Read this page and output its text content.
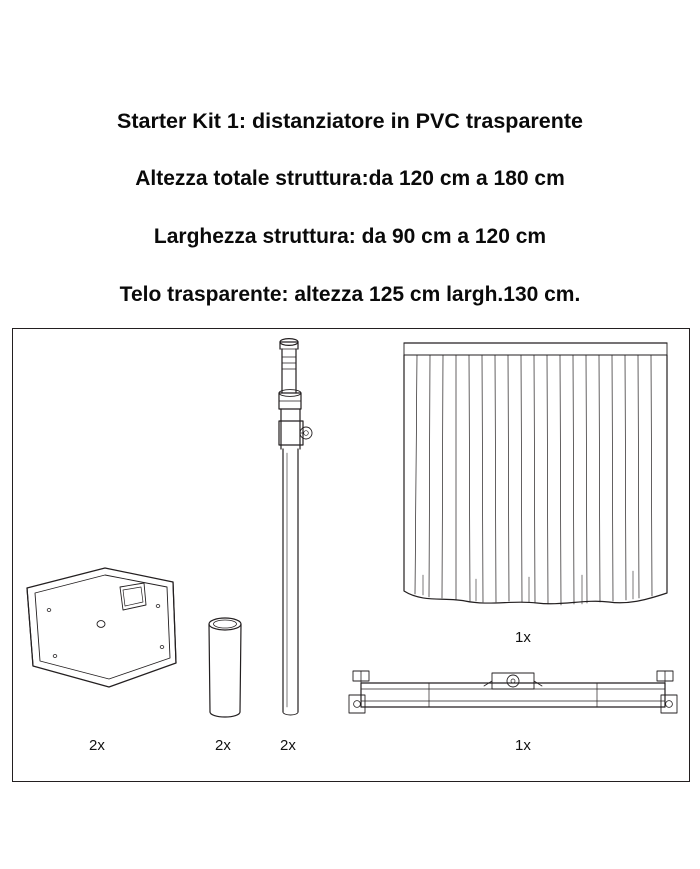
Starter Kit 1: distanziatore in PVC trasparente
Altezza totale struttura:da 120 cm a 180 cm
Larghezza struttura: da 90 cm a 120 cm
Telo trasparente: altezza 125 cm largh.130 cm.
2x	2x	2x
1x
1x
